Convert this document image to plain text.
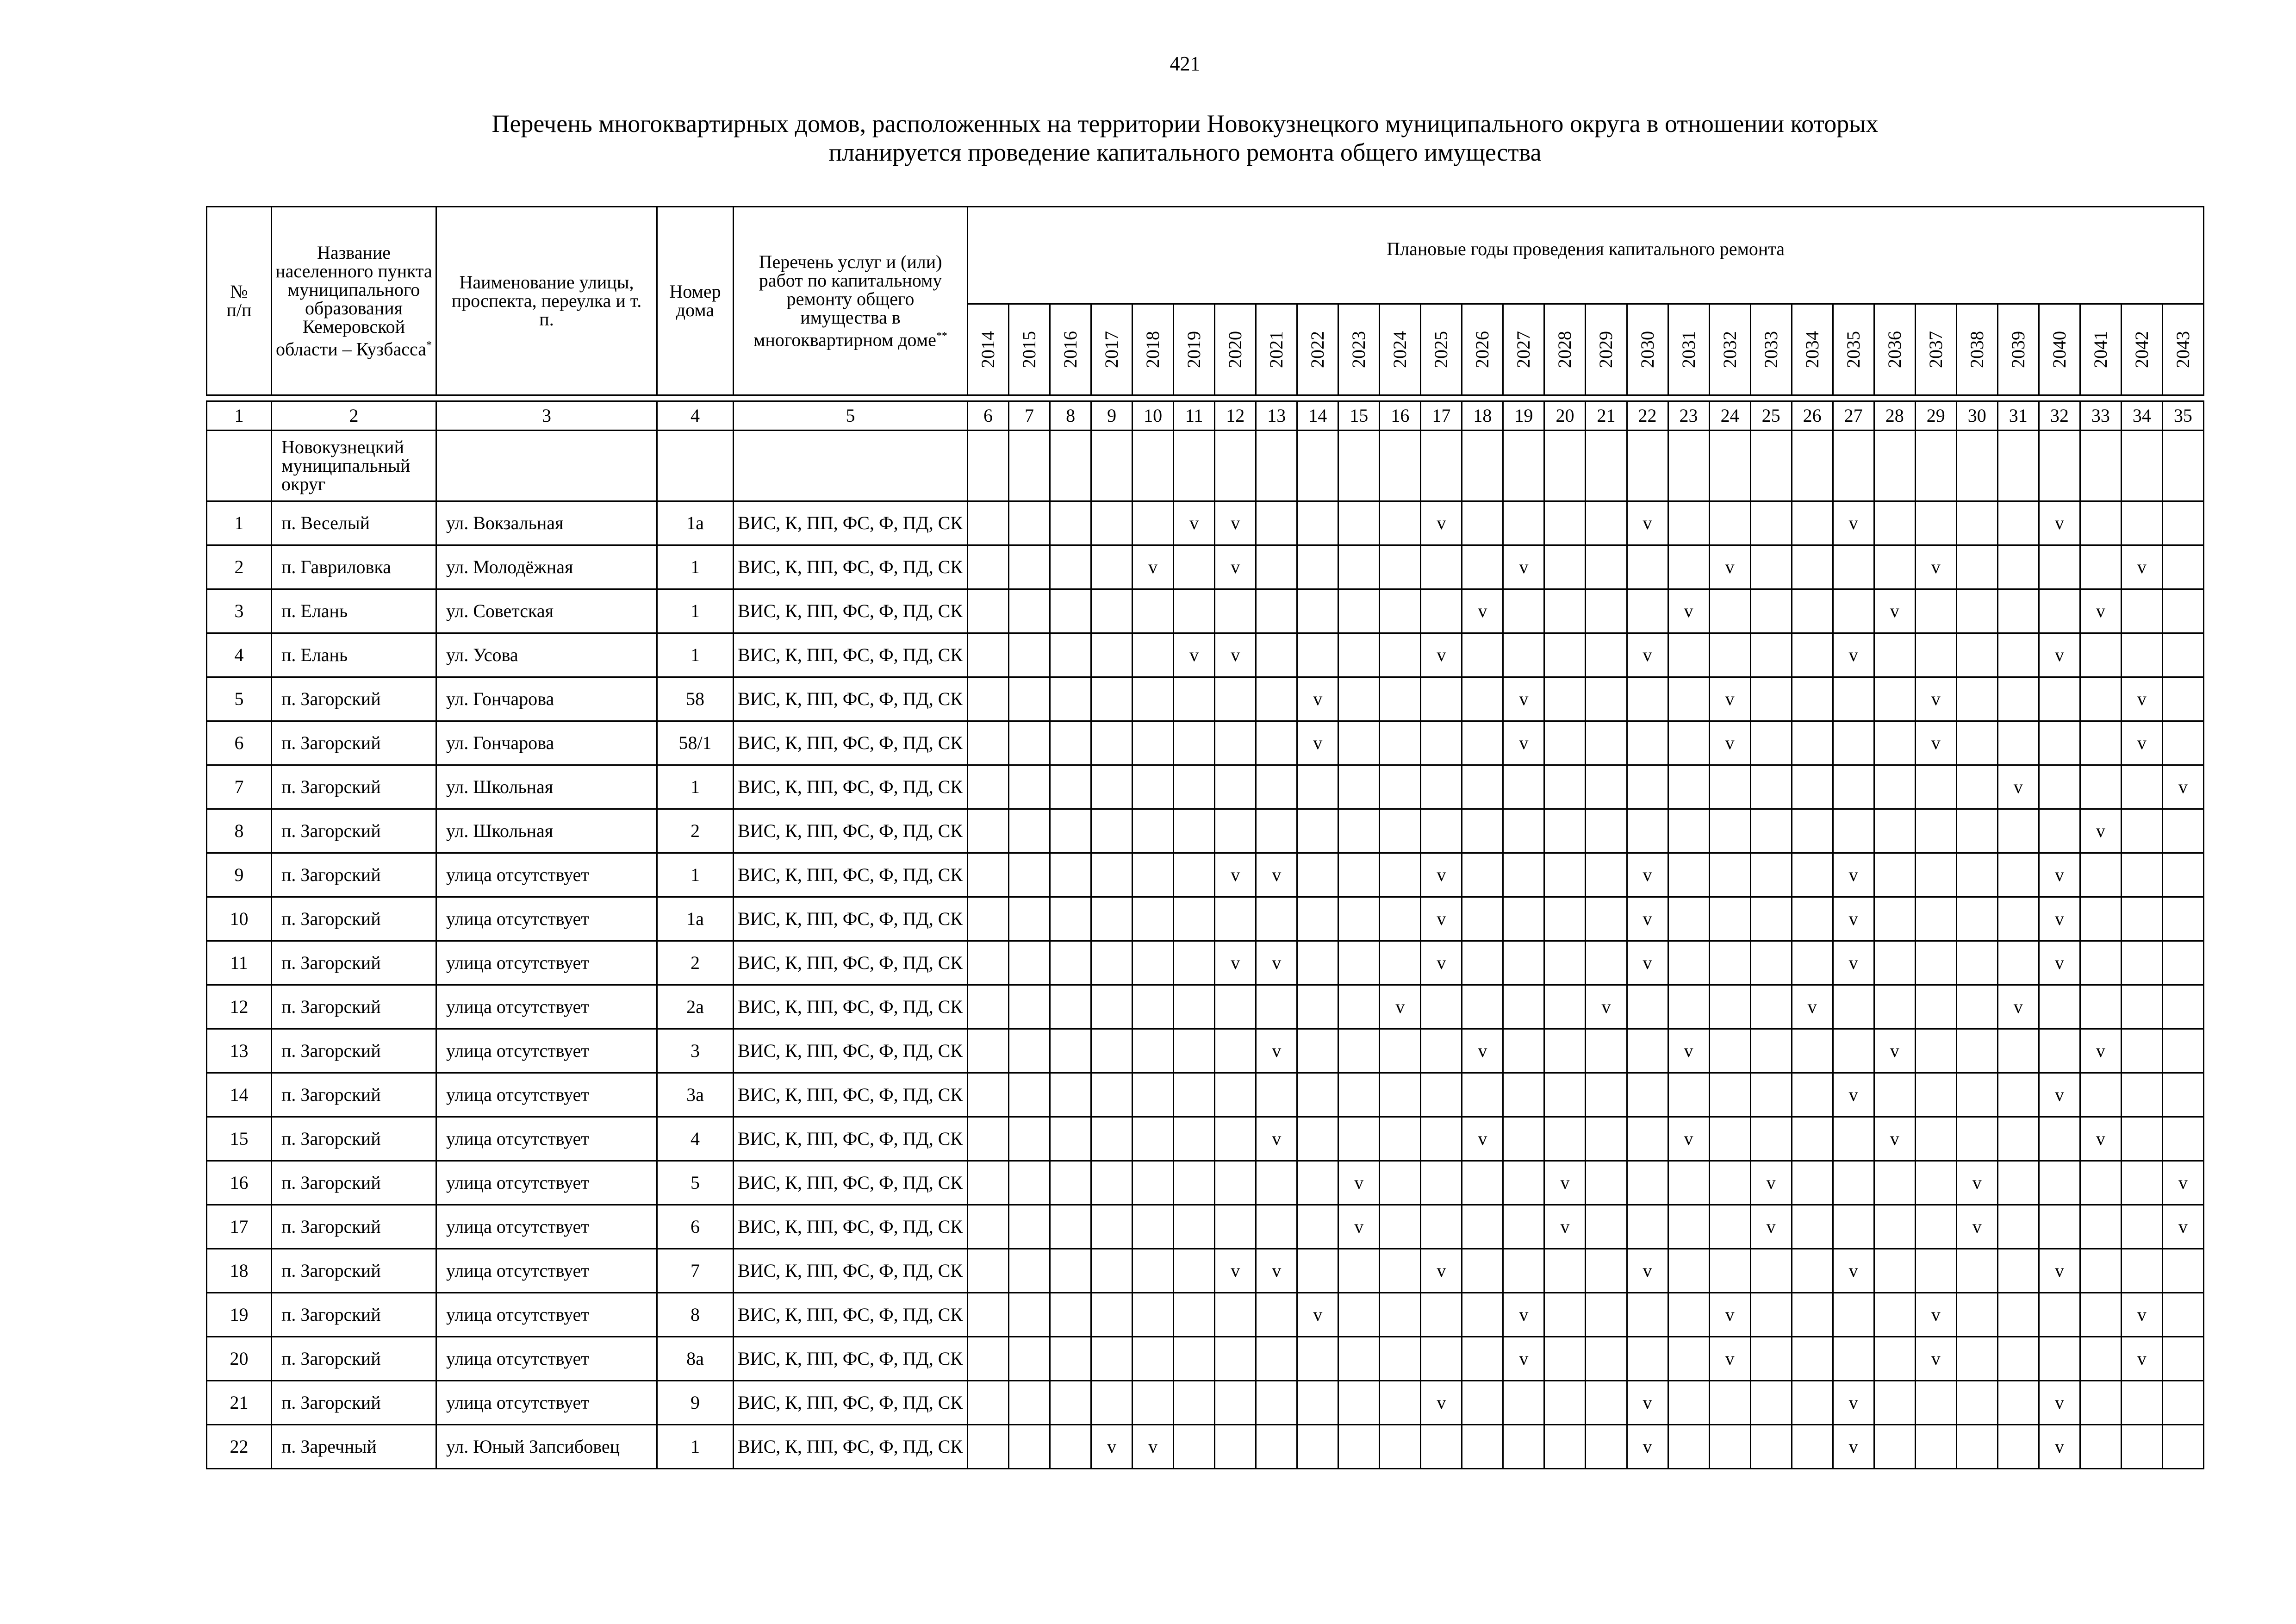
421
Перечень многоквартирных домов, расположенных на территории Новокузнецкого муниципального округа в отношении которых
планируется проведение капитального ремонта общего имущества
№ п/п	Название населенного пункта муниципального образования Кемеровской области – Кузбасса*	Наименование улицы, проспекта, переулка и т. п.	Номер дома	Перечень услуг и (или) работ по капитальному ремонту общего имущества в многоквартирном доме**	Плановые годы проведения капитального ремонта																													

					2014	2015	2016	2017	2018	2019	2020	2021	2022	2023	2024	2025	2026	2027	2028	2029	2030	2031	2032	2033	2034	2035	2036	2037	2038	2039	2040	2041	2042	2043
1	2	3	4	5	6	7	8	9	10	11	12	13	14	15	16	17	18	19	20	21	22	23	24	25	26	27	28	29	30	31	32	33	34	35
	Новокузнецкий муниципальный округ																																	
1	п. Веселый	ул. Вокзальная	1а	ВИС, К, ПП, ФС, Ф, ПД, СК						v	v					v					v					v					v			
2	п. Гавриловка	ул. Молодёжная	1	ВИС, К, ПП, ФС, Ф, ПД, СК					v		v							v					v					v					v	
3	п. Елань	ул. Советская	1	ВИС, К, ПП, ФС, Ф, ПД, СК													v					v					v					v		
4	п. Елань	ул. Усова	1	ВИС, К, ПП, ФС, Ф, ПД, СК						v	v					v					v					v					v			
5	п. Загорский	ул. Гончарова	58	ВИС, К, ПП, ФС, Ф, ПД, СК									v					v					v					v					v	
6	п. Загорский	ул. Гончарова	58/1	ВИС, К, ПП, ФС, Ф, ПД, СК									v					v					v					v					v	
7	п. Загорский	ул. Школьная	1	ВИС, К, ПП, ФС, Ф, ПД, СК																										v				v
8	п. Загорский	ул. Школьная	2	ВИС, К, ПП, ФС, Ф, ПД, СК																												v		
9	п. Загорский	улица отсутствует	1	ВИС, К, ПП, ФС, Ф, ПД, СК							v	v				v					v					v					v			
10	п. Загорский	улица отсутствует	1а	ВИС, К, ПП, ФС, Ф, ПД, СК												v					v					v					v			
11	п. Загорский	улица отсутствует	2	ВИС, К, ПП, ФС, Ф, ПД, СК							v	v				v					v					v					v			
12	п. Загорский	улица отсутствует	2а	ВИС, К, ПП, ФС, Ф, ПД, СК											v					v					v					v				
13	п. Загорский	улица отсутствует	3	ВИС, К, ПП, ФС, Ф, ПД, СК								v					v					v					v					v		
14	п. Загорский	улица отсутствует	3а	ВИС, К, ПП, ФС, Ф, ПД, СК																						v					v			
15	п. Загорский	улица отсутствует	4	ВИС, К, ПП, ФС, Ф, ПД, СК								v					v					v					v					v		
16	п. Загорский	улица отсутствует	5	ВИС, К, ПП, ФС, Ф, ПД, СК										v					v					v					v					v
17	п. Загорский	улица отсутствует	6	ВИС, К, ПП, ФС, Ф, ПД, СК										v					v					v					v					v
18	п. Загорский	улица отсутствует	7	ВИС, К, ПП, ФС, Ф, ПД, СК							v	v				v					v					v					v			
19	п. Загорский	улица отсутствует	8	ВИС, К, ПП, ФС, Ф, ПД, СК									v					v					v					v					v	
20	п. Загорский	улица отсутствует	8а	ВИС, К, ПП, ФС, Ф, ПД, СК														v					v					v					v	
21	п. Загорский	улица отсутствует	9	ВИС, К, ПП, ФС, Ф, ПД, СК												v					v					v					v			
22	п. Заречный	ул. Юный Запсибовец	1	ВИС, К, ПП, ФС, Ф, ПД, СК				v	v												v					v					v			
